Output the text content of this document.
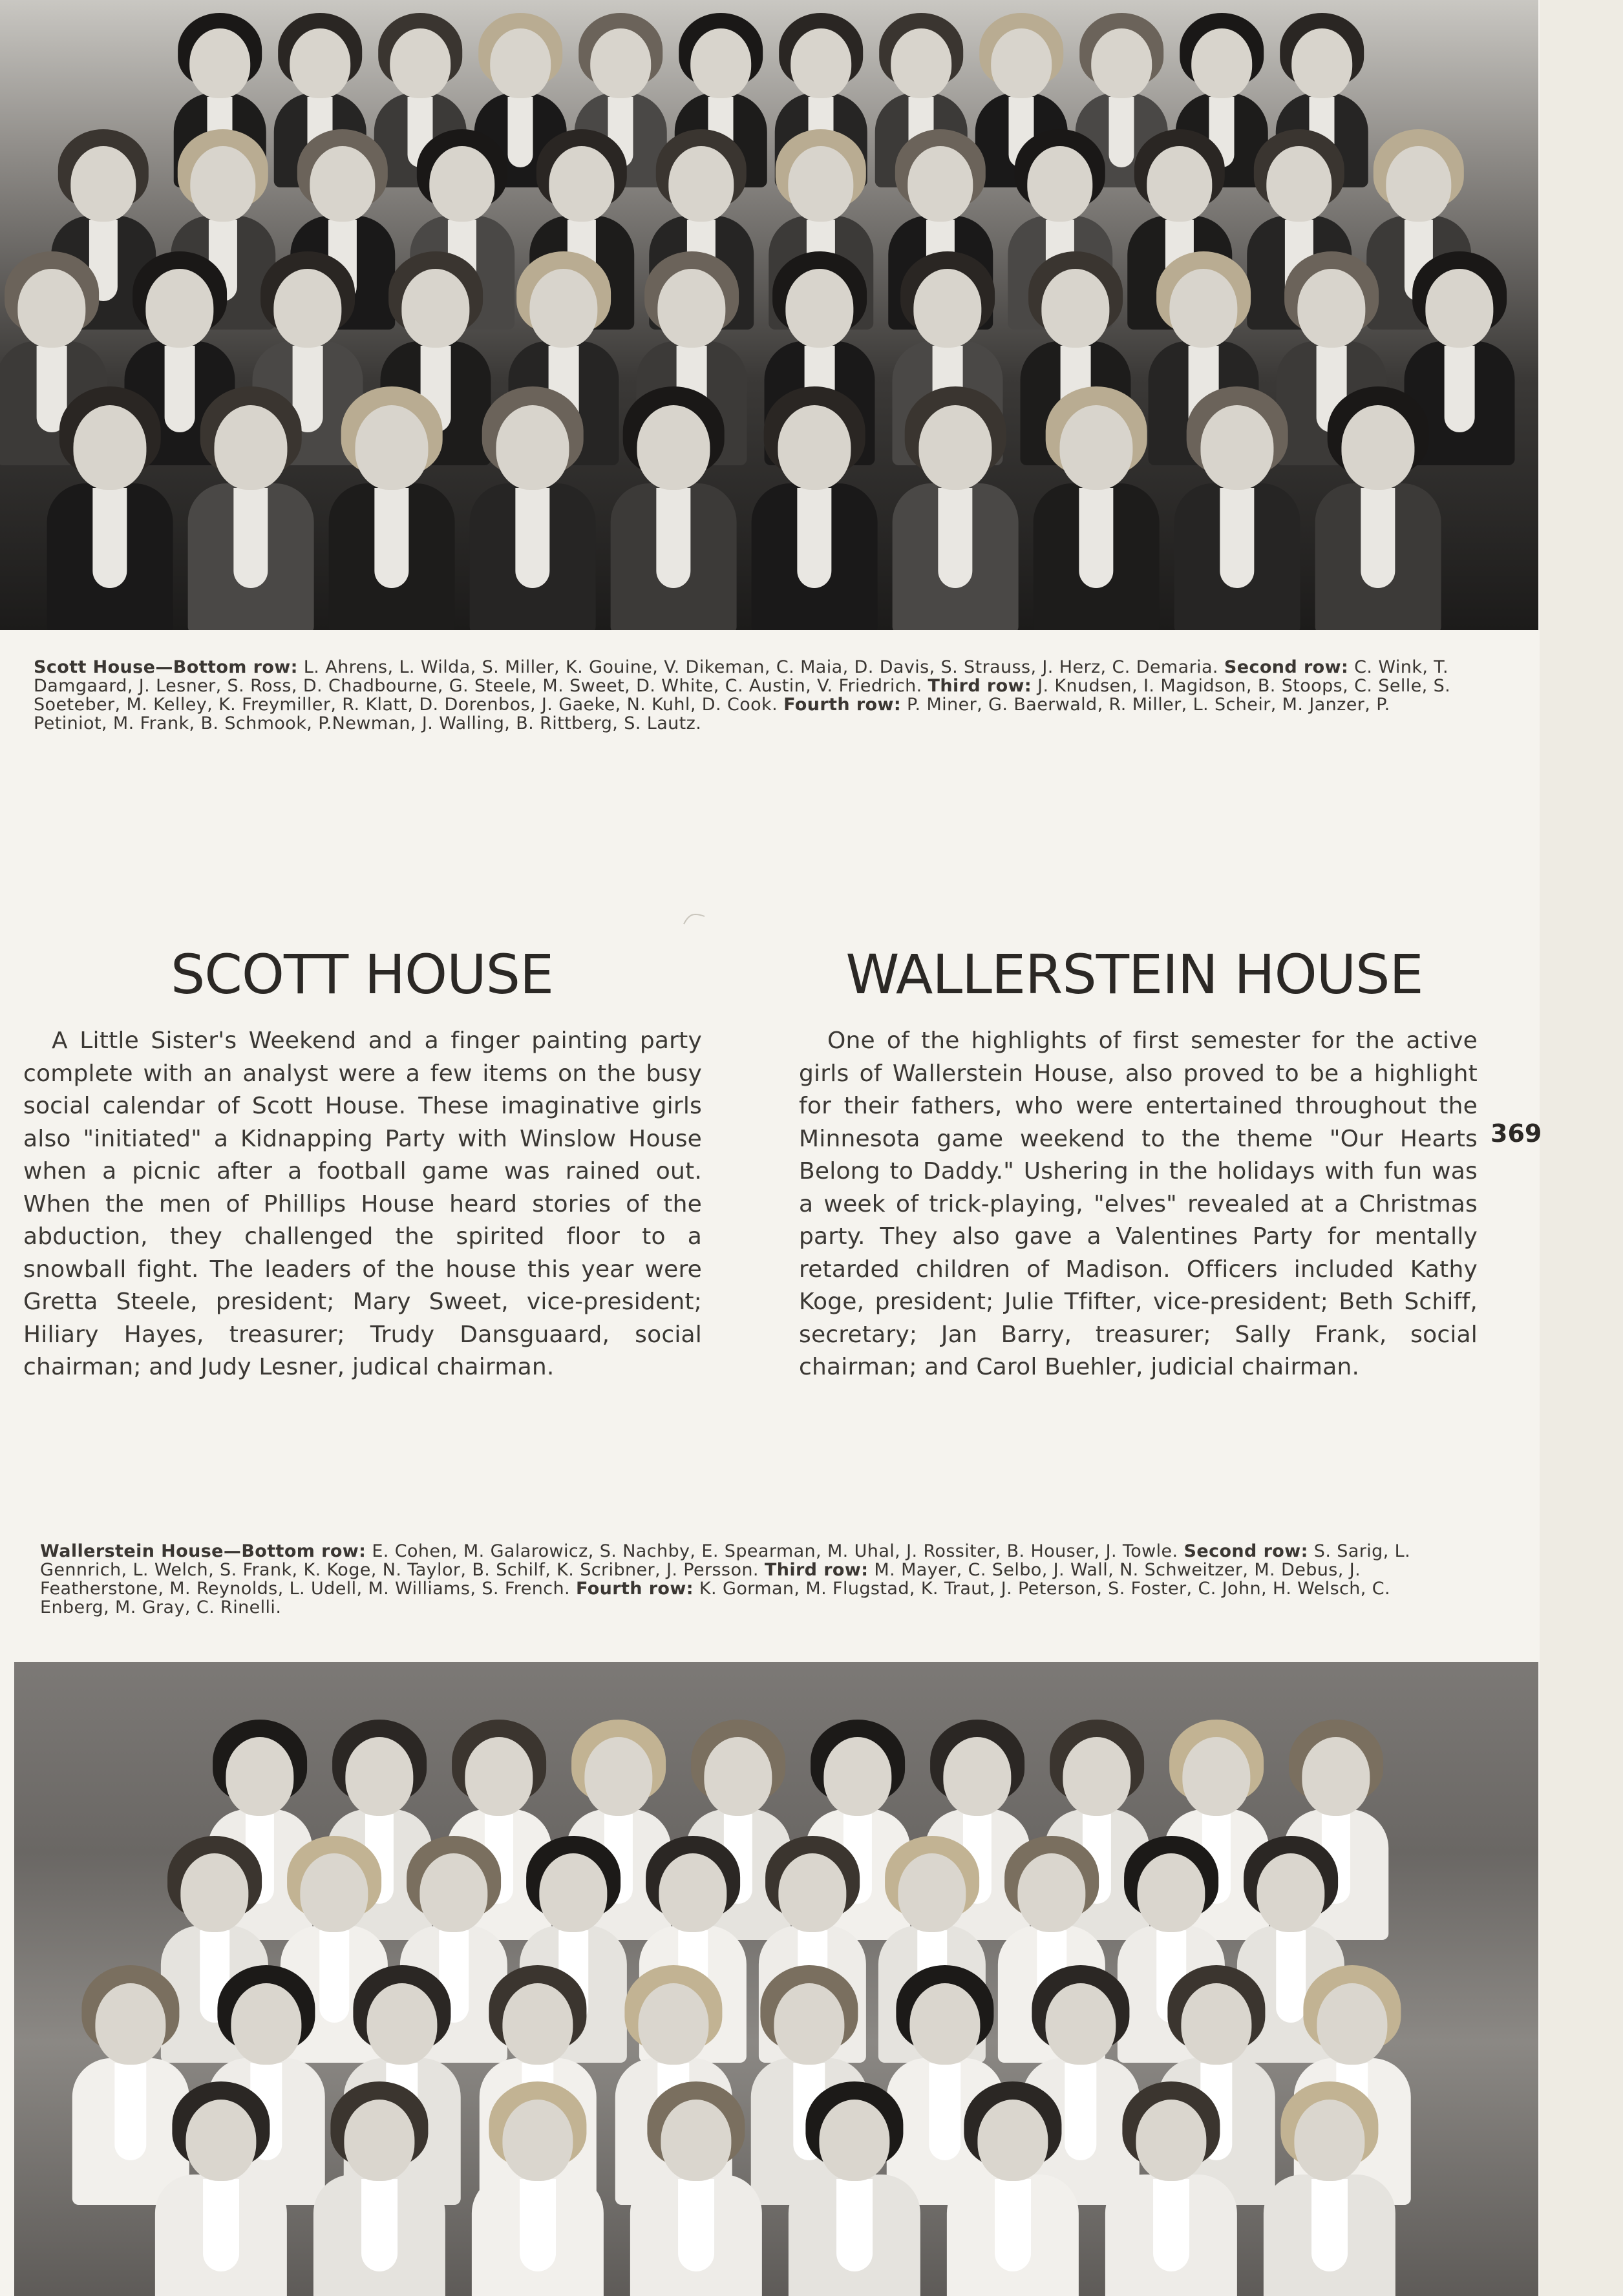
Scott House—Bottom row: L. Ahrens, L. Wilda, S. Miller, K. Gouine, V. Dikeman, C. Maia, D. Davis, S. Strauss, J. Herz, C. Demaria. Second row: C. Wink, T. Damgaard, J. Lesner, S. Ross, D. Chadbourne, G. Steele, M. Sweet, D. White, C. Austin, V. Friedrich. Third row: J. Knudsen, I. Magidson, B. Stoops, C. Selle, S. Soeteber, M. Kelley, K. Freymiller, R. Klatt, D. Dorenbos, J. Gaeke, N. Kuhl, D. Cook. Fourth row: P. Miner, G. Baerwald, R. Miller, L. Scheir, M. Janzer, P. Petiniot, M. Frank, B. Schmook, P.Newman, J. Walling, B. Rittberg, S. Lautz.
SCOTT HOUSE	WALLERSTEIN HOUSE

A Little Sister's Weekend and a finger painting party complete with an analyst were a few items on the busy social calendar of Scott House. These imaginative girls also "initiated" a Kidnapping Party with Winslow House when a picnic after a football game was rained out. When the men of Phillips House heard stories of the abduction, they challenged the spirited floor to a snowball fight. The leaders of the house this year were Gretta Steele, president; Mary Sweet, vice-president; Hiliary Hayes, treasurer; Trudy Dansguaard, social chairman; and Judy Lesner, judical chairman.

One of the highlights of first semester for the active girls of Wallerstein House, also proved to be a highlight for their fathers, who were entertained throughout the Minnesota game weekend to the theme "Our Hearts Belong to Daddy." Ushering in the holidays with fun was a week of trick-playing, "elves" revealed at a Christmas party. They also gave a Valentines Party for mentally retarded children of Madison. Officers included Kathy Koge, president; Julie Tfifter, vice-president; Beth Schiff, secretary; Jan Barry, treasurer; Sally Frank, social chairman; and Carol Buehler, judicial chairman.

369
Wallerstein House—Bottom row: E. Cohen, M. Galarowicz, S. Nachby, E. Spearman, M. Uhal, J. Rossiter, B. Houser, J. Towle. Second row: S. Sarig, L. Gennrich, L. Welch, S. Frank, K. Koge, N. Taylor, B. Schilf, K. Scribner, J. Persson. Third row: M. Mayer, C. Selbo, J. Wall, N. Schweitzer, M. Debus, J. Featherstone, M. Reynolds, L. Udell, M. Williams, S. French. Fourth row: K. Gorman, M. Flugstad, K. Traut, J. Peterson, S. Foster, C. John, H. Welsch, C. Enberg, M. Gray, C. Rinelli.
